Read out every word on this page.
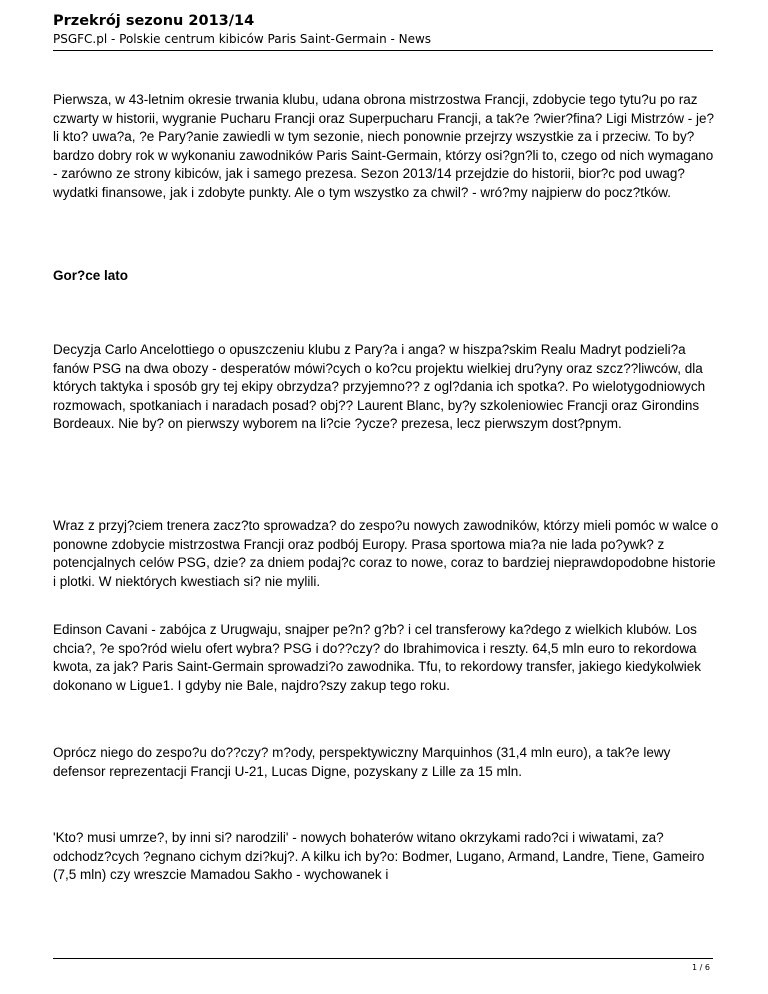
Przekrój sezonu 2013/14
PSGFC.pl - Polskie centrum kibiców Paris Saint-Germain - News

Pierwsza, w 43-letnim okresie trwania klubu, udana obrona mistrzostwa Francji, zdobycie tego tytu?u po raz czwarty w historii, wygranie Pucharu Francji oraz Superpucharu Francji, a tak?e ?wier?fina? Ligi Mistrzów - je?li kto? uwa?a, ?e Pary?anie zawiedli w tym sezonie, niech ponownie przejrzy wszystkie za i przeciw. To by? bardzo dobry rok w wykonaniu zawodników Paris Saint-Germain, którzy osi?gn?li to, czego od nich wymagano - zarówno ze strony kibiców, jak i samego prezesa. Sezon 2013/14 przejdzie do historii, bior?c pod uwag? wydatki finansowe, jak i zdobyte punkty. Ale o tym wszystko za chwil? - wró?my najpierw do pocz?tków.

Gor?ce lato

Decyzja Carlo Ancelottiego o opuszczeniu klubu z Pary?a i anga? w hiszpa?skim Realu Madryt podzieli?a fanów PSG na dwa obozy - desperatów mówi?cych o ko?cu projektu wielkiej dru?yny oraz szcz??liwców, dla których taktyka i sposób gry tej ekipy obrzydza? przyjemno?? z ogl?dania ich spotka?. Po wielotygodniowych rozmowach, spotkaniach i naradach posad? obj?? Laurent Blanc, by?y szkoleniowiec Francji oraz Girondins Bordeaux. Nie by? on pierwszy wyborem na li?cie ?ycze? prezesa, lecz pierwszym dost?pnym.

Wraz z przyj?ciem trenera zacz?to sprowadza? do zespo?u nowych zawodników, którzy mieli pomóc w walce o ponowne zdobycie mistrzostwa Francji oraz podbój Europy. Prasa sportowa mia?a nie lada po?ywk? z potencjalnych celów PSG, dzie? za dniem podaj?c coraz to nowe, coraz to bardziej nieprawdopodobne historie i plotki. W niektórych kwestiach si? nie mylili.

Edinson Cavani - zabójca z Urugwaju, snajper pe?n? g?b? i cel transferowy ka?dego z wielkich klubów. Los chcia?, ?e spo?ród wielu ofert wybra? PSG i do??czy? do Ibrahimovica i reszty. 64,5 mln euro to rekordowa kwota, za jak? Paris Saint-Germain sprowadzi?o zawodnika. Tfu, to rekordowy transfer, jakiego kiedykolwiek dokonano w Ligue1. I gdyby nie Bale, najdro?szy zakup tego roku.

Oprócz niego do zespo?u do??czy? m?ody, perspektywiczny Marquinhos (31,4 mln euro), a tak?e lewy defensor reprezentacji Francji U-21, Lucas Digne, pozyskany z Lille za 15 mln.

'Kto? musi umrze?, by inni si? narodzili' - nowych bohaterów witano okrzykami rado?ci i wiwatami, za? odchodz?cych ?egnano cichym dzi?kuj?. A kilku ich by?o: Bodmer, Lugano, Armand, Landre, Tiene, Gameiro (7,5 mln) czy wreszcie Mamadou Sakho - wychowanek i

1 / 6
